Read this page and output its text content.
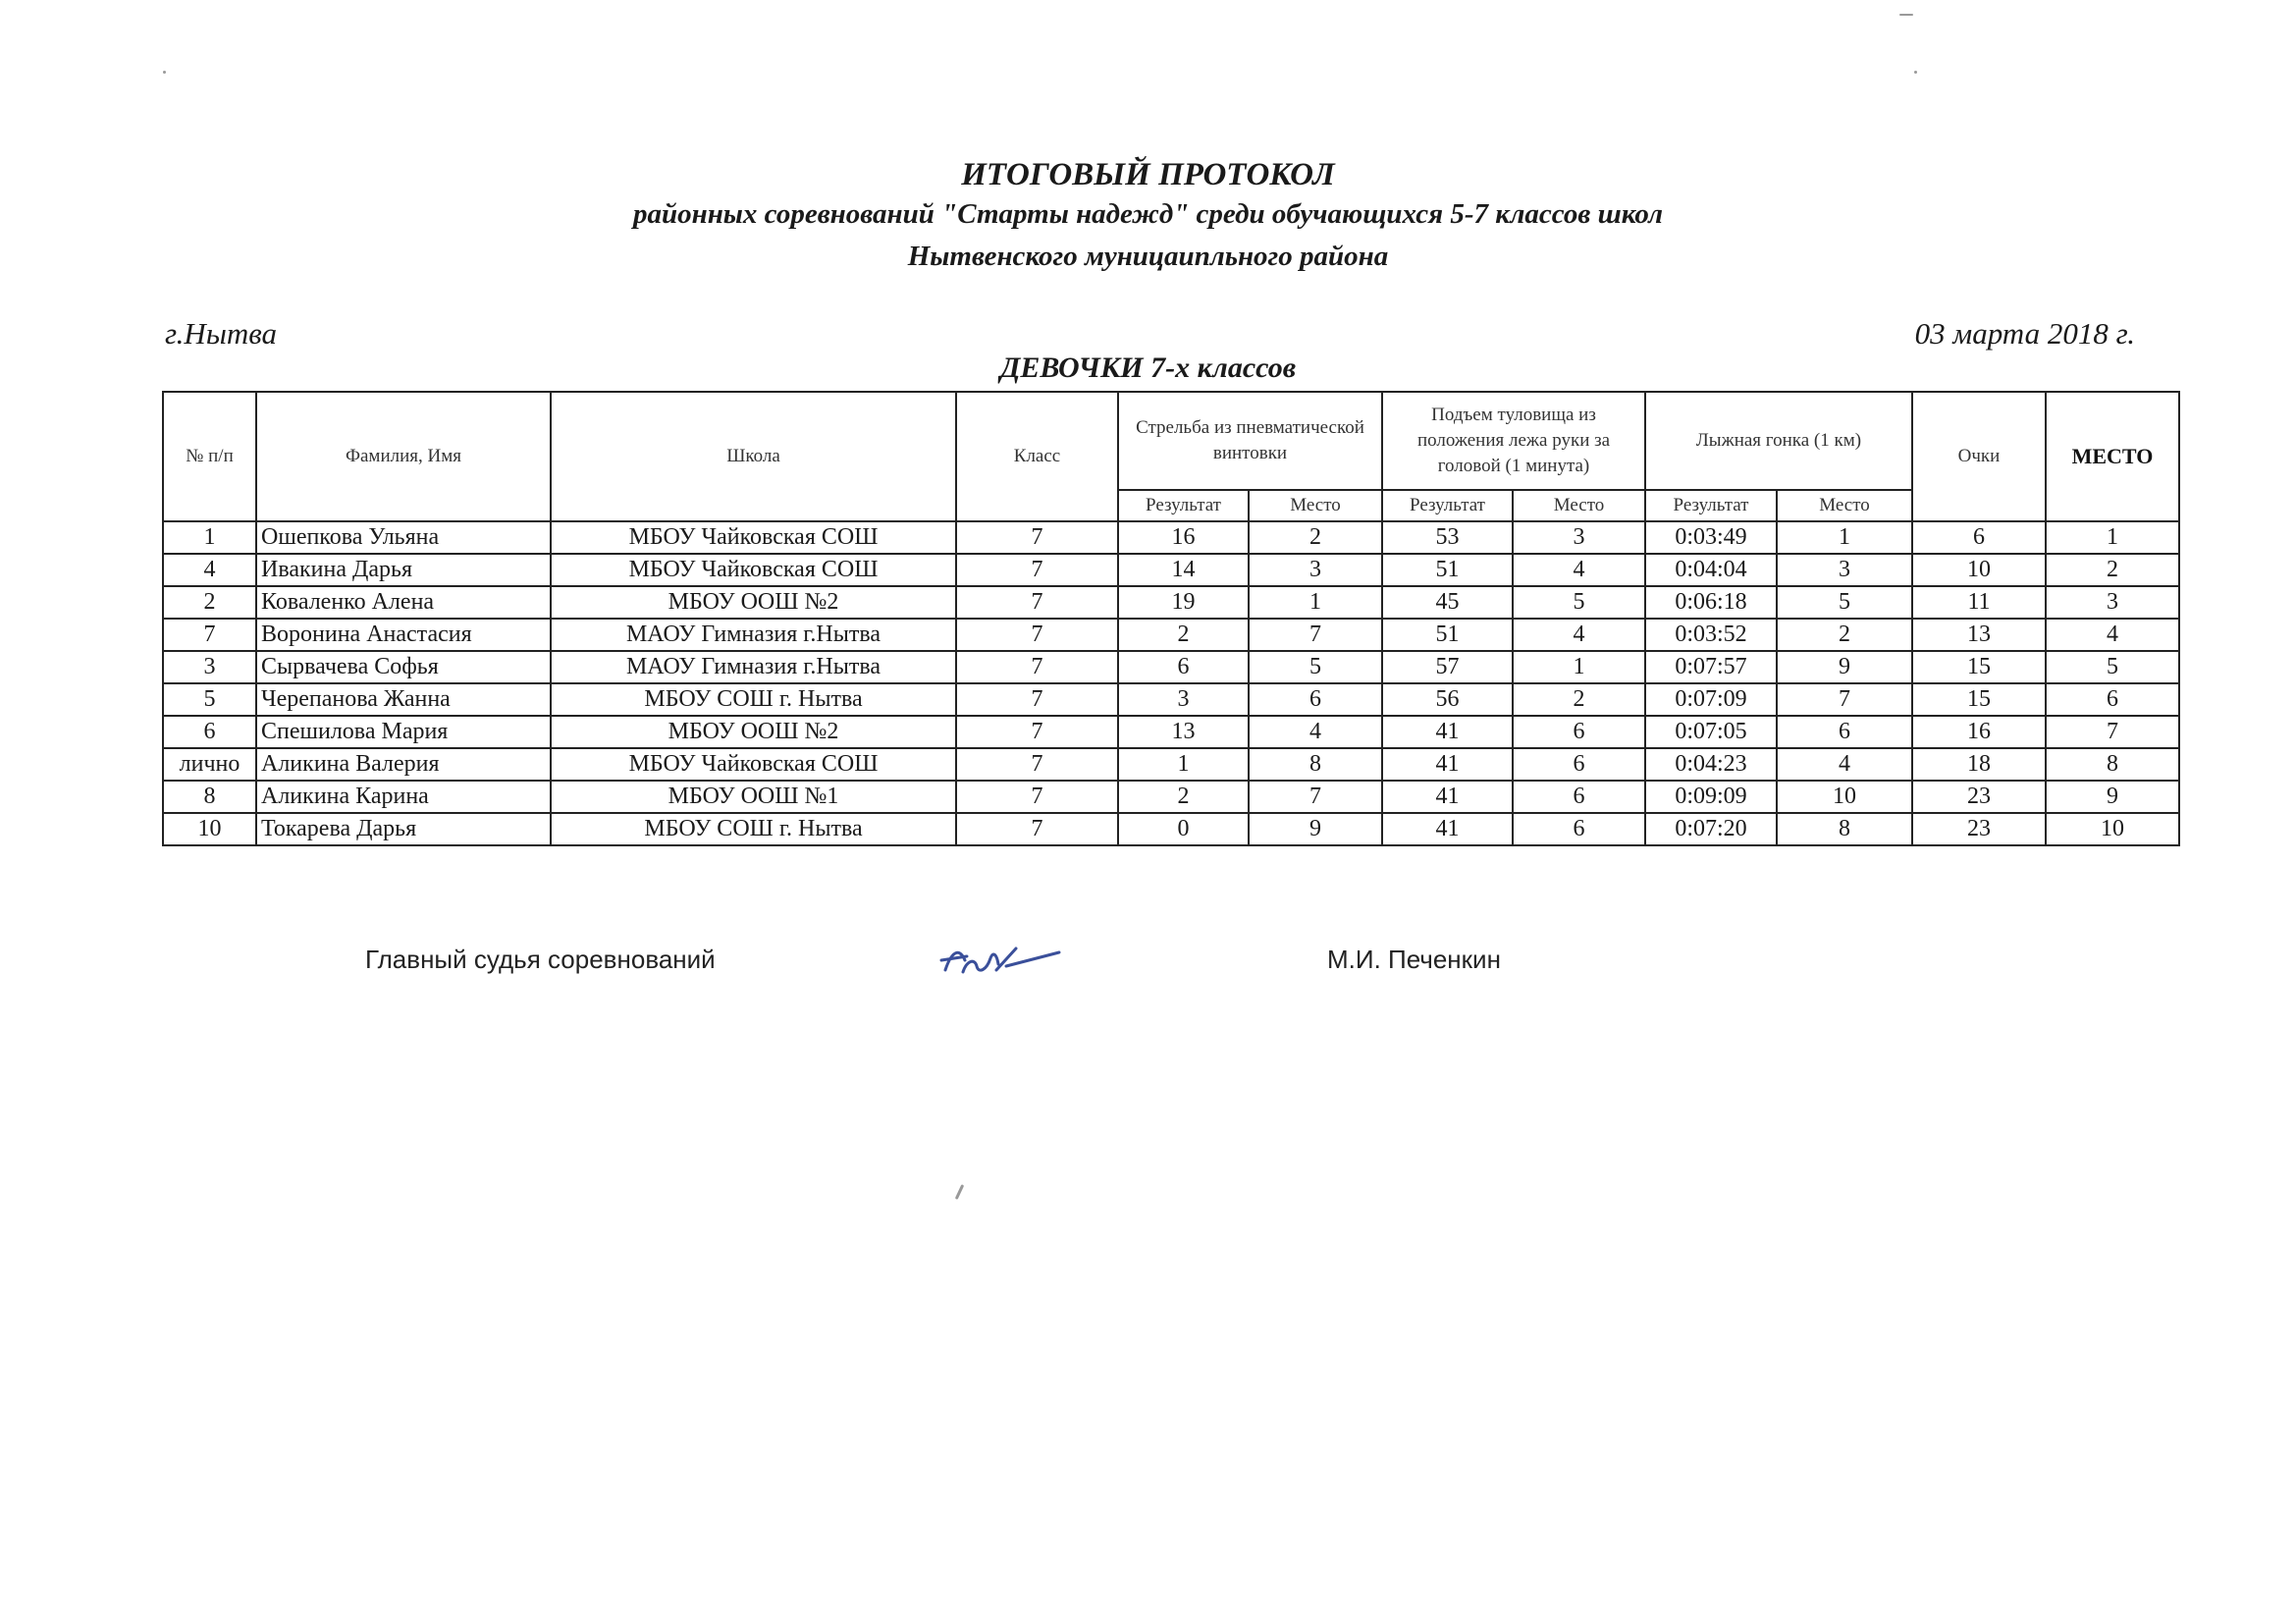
ИТОГОВЫЙ ПРОТОКОЛ
районных соревнований "Старты надежд" среди обучающихся 5-7 классов школ
Нытвенского муницаипльного района
г.Нытва	03 марта 2018 г.
ДЕВОЧКИ 7-х классов
№ п/п	Фамилия, Имя	Школа	Класс	Стрельба из пневматической винтовки		Подъем туловища из положения лежа руки за головой (1 минута)		Лыжная гонка (1 км)		Очки	МЕСТО
				Результат	Место	Результат	Место	Результат	Место		
1	Ошепкова Ульяна	МБОУ Чайковская СОШ	7	16	2	53	3	0:03:49	1	6	1
4	Ивакина Дарья	МБОУ Чайковская СОШ	7	14	3	51	4	0:04:04	3	10	2
2	Коваленко Алена	МБОУ ООШ №2	7	19	1	45	5	0:06:18	5	11	3
7	Воронина Анастасия	МАОУ Гимназия г.Нытва	7	2	7	51	4	0:03:52	2	13	4
3	Сырвачева Софья	МАОУ Гимназия г.Нытва	7	6	5	57	1	0:07:57	9	15	5
5	Черепанова Жанна	МБОУ СОШ г. Нытва	7	3	6	56	2	0:07:09	7	15	6
6	Спешилова Мария	МБОУ ООШ №2	7	13	4	41	6	0:07:05	6	16	7
лично	Аликина Валерия	МБОУ Чайковская СОШ	7	1	8	41	6	0:04:23	4	18	8
8	Аликина Карина	МБОУ ООШ №1	7	2	7	41	6	0:09:09	10	23	9
10	Токарева Дарья	МБОУ СОШ г. Нытва	7	0	9	41	6	0:07:20	8	23	10
Главный судья соревнований	М.И. Печенкин
